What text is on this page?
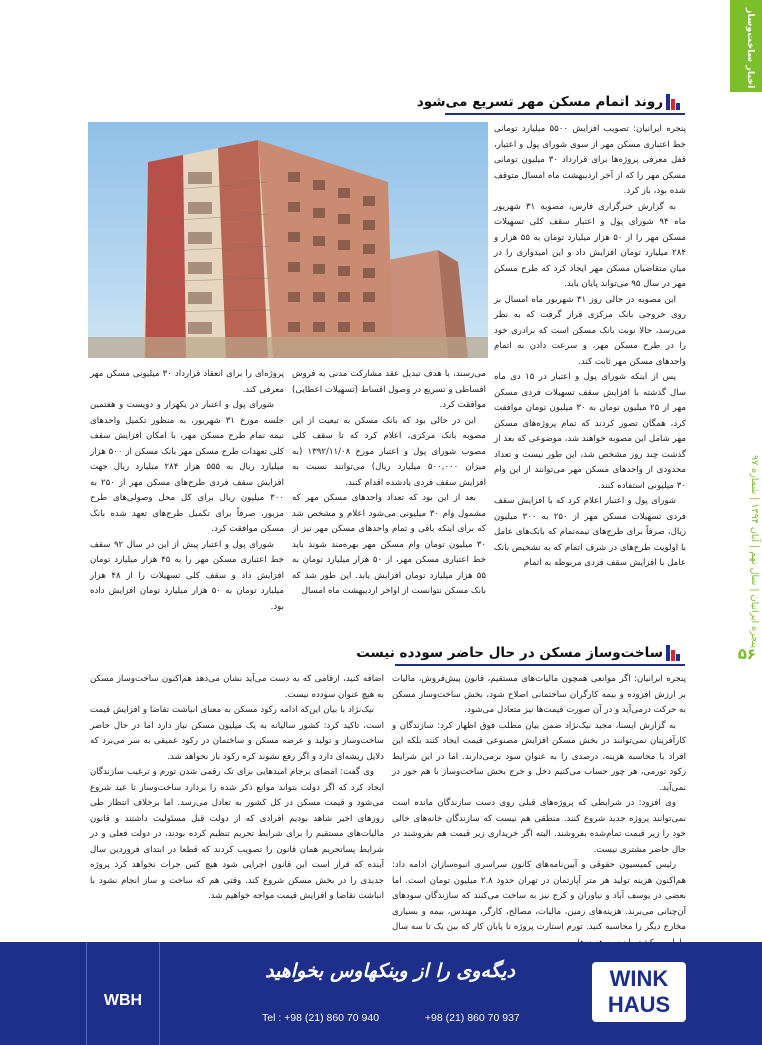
اخبار ساخت‌وساز
پنجره ایرانیان | سال نهم | آبان ۱۳۹۴ | شماره ۹۷
۵۶
روند اتمام مسکن مهر تسریع می‌شود

پنجره ایرانیان: تصویب افزایش ۵۵۰۰ میلیارد تومانی خط اعتباری مسکن مهر از سوی شورای پول و اعتبار، قفل معرفی پروژه‌ها برای قرارداد ۳۰ میلیون تومانی مسکن مهر را که از آخر اردیبهشت ماه امسال متوقف شده بود، باز کرد.

به گزارش خبرگزاری فارس، مصوبه ۳۱ شهریور ماه ۹۴ شورای پول و اعتبار سقف کلی تسهیلات مسکن مهر را از ۵۰ هزار میلیارد تومان به ۵۵ هزار و ۲۸۴ میلیارد تومان افزایش داد و این امیدواری را در میان متقاضیان مسکن مهر ایجاد کرد که طرح مسکن مهر در سال ۹۵ می‌تواند پایان یابد.

این مصوبه در حالی روز ۳۱ شهریور ماه امسال بر روی خروجی بانک مرکزی قرار گرفت که به نظر می‌رسد، حالا نوبت بانک مسکن است که برادری خود را در طرح مسکن مهر، و سرعت دادن به اتمام واحدهای مسکن مهر ثابت کند.

پس از اینکه شورای پول و اعتبار در ۱۵ دی ماه سال گذشته با افزایش سقف تسهیلات فردی مسکن مهر از ۲۵ میلیون تومان به ۳۰ میلیون تومان موافقت کرد، همگان تصور کردند که تمام پروژه‌های مسکن مهر شامل این مصوبه خواهند شد، موضوعی که بعد از گذشت چند روز مشخص شد، این طور نیست و تعداد محدودی از واحدهای مسکن مهر می‌توانند از این وام ۳۰ میلیونی استفاده کنند.

شورای پول و اعتبار اعلام کرد که با افزایش سقف فردی تسهیلات مسکن مهر از ۲۵۰ به ۳۰۰ میلیون ریال، صرفاً برای طرح‌های نیمه‌تمام که بانک‌های عامل با اولویت طرح‌های در شرف اتمام که به تشخیص بانک عامل با افزایش سقف فردی مربوطه به اتمام

می‌رسند، با هدف تبدیل عقد مشارکت مدنی به فروش اقساطی و تسریع در وصول اقساط (تسهیلات اعطایی) موافقت کرد.

این در حالی بود که بانک مسکن به تبعیت از این مصوبه بانک مرکزی، اعلام کرد که تا سقف کلی مصوب شورای پول و اعتبار مورخ ۱۳۹۲/۱۱/۰۸ (به میزان ۵۰۰,۰۰۰ میلیارد ریال) می‌توانند نسبت به افزایش سقف فردی یادشده اقدام کنند.

بعد از این بود که تعداد واحدهای مسکن مهر که مشمول وام ۳۰ میلیونی می‌شود اعلام و مشخص شد که برای اینکه باقی و تمام واحدهای مسکن مهر نیز از ۳۰ میلیون تومان وام مسکن مهر بهره‌مند شوند باید خط اعتباری مسکن مهر، از ۵۰ هزار میلیارد تومان به ۵۵ هزار میلیارد تومان افزایش یابد. این طور شد که بانک مسکن نتوانست از اواخر اردیبهشت ماه امسال

پروژه‌ای را برای انعقاد قرارداد ۳۰ میلیونی مسکن مهر معرفی کند.

شورای پول و اعتبار در یکهزار و دویست و هفتمین جلسه مورخ ۳۱ شهریور، به منظور تکمیل واحدهای نیمه تمام طرح مسکن مهر، با امکان افزایش سقف کلی تعهدات طرح مسکن مهر بانک مسکن از ۵۰۰ هزار میلیارد ریال به ۵۵۵ هزار ۲۸۴ میلیارد ریال جهت افزایش سقف فردی طرح‌های مسکن مهر از ۲۵۰ به ۳۰۰ میلیون ریال برای کل محل وصولی‌های طرح مزبور، صرفاً برای تکمیل طرح‌های تعهد شده بانک مسکن موافقت کرد.

شورای پول و اعتبار پیش از این در سال ۹۲ سقف خط اعتباری مسکن مهر را به ۴۵ هزار میلیارد تومان افزایش داد و سقف کلی تسهیلات را از ۴۸ هزار میلیارد تومان به ۵۰ هزار میلیارد تومان افزایش داده بود.

ساخت‌وساز مسکن در حال حاضر سودده نیست

پنجره ایرانیان: اگر موانعی همچون مالیات‌های مستقیم، قانون پیش‌فروش، مالیات بر ارزش افزوده و بیمه کارگران ساختمانی اصلاح شود، بخش ساخت‌وساز مسکن به حرکت درمی‌آید و در آن صورت قیمت‌ها نیز متعادل می‌شود.

به گزارش ایسنا، مجید نیک‌نژاد ضمن بیان مطلب فوق اظهار کرد: سازندگان و کارآفرینان نمی‌توانند در بخش مسکن افزایش مصنوعی قیمت ایجاد کنند بلکه این افراد با محاسبه هزینه، درصدی را به عنوان سود برمی‌دارند. اما در این شرایط رکود تورمی، هر چور حساب می‌کنیم دخل و خرج بخش ساخت‌وساز با هم جور در نمی‌آید.

وی افزود: در شرایطی که پروژه‌های قبلی روی دست سازندگان مانده است نمی‌توانند پروژه جدید شروع کنند. منطقی هم نیست که سازندگان خانه‌های خالی خود را زیر قیمت تمام‌شده بفروشند. البته اگر خریداری زیر قیمت هم بفروشند در حال حاضر مشتری نیست.

رئیس کمیسیون حقوقی و آیین‌نامه‌های کانون سراسری انبوه‌سازان ادامه داد: هم‌اکنون هزینه تولید هر متر آپارتمان در تهران حدود ۲.۸ میلیون تومان است. اما بعضی در یوسف آباد و نیاوران و کرج نیز به ساخت می‌کنند که سازندگان سودهای آن‌چنانی می‌برند. هزینه‌های زمین، مالیات، مصالح، کارگر، مهندس، بیمه و بسیاری مخارج دیگر را محاسبه کنید. تورم استارت پروژه تا پایان کار که بین یک تا سه سال

اضافه کنید، ارقامی که به دست می‌آید نشان می‌دهد هم‌اکنون ساخت‌وساز مسکن به هیچ عنوان سودده نیست.

نیک‌نژاد با بیان این‌که ادامه رکود مسکن به معنای انباشت تقاضا و افزایش قیمت است، تاکید کرد: کشور سالیانه به یک میلیون مسکن نیاز دارد اما در حال حاضر ساخت‌وساز و تولید و عرضه مسکن و ساختمان در رکود عمیقی به سر می‌برد که دلایل ریشه‌ای دارد و اگر رفع نشوند کره رکود باز نخواهد شد.

وی گفت: امضای برجام امیدهایی برای تک رقمی شدن تورم و ترغیب سازندگان ایجاد کرد که اگر دولت بتواند موانع ذکر شده را بردارد ساخت‌وساز تا عید شروع می‌شود و قیمت مسکن در کل کشور به تعادل می‌رسد. اما برخلاف انتظار طی روزهای اخیر شاهد بودیم افرادی که از دولت قبل مسئولیت داشتند و قانون مالیات‌های مستقیم را برای شرایط تحریم تنظیم کرده بودند، در دولت فعلی و در شرایط پساتحریم همان قانون را تصویب کردند که قطعا در ابتدای فروردین سال آینده که قرار است این قانون اجرایی شود هیچ کس جرات نخواهد کرد پروژه جدیدی را در بخش مسکن شروع کند. وقتی هم که ساخت و ساز انجام نشود با انباشت تقاضا و افزایش قیمت مواجه خواهیم شد.

WBH
دیگه‌وی را از وینکهاوس بخواهید
Tel : +98 (21) 860 70 940	+98 (21) 860 70 937
WINK
HAUS
